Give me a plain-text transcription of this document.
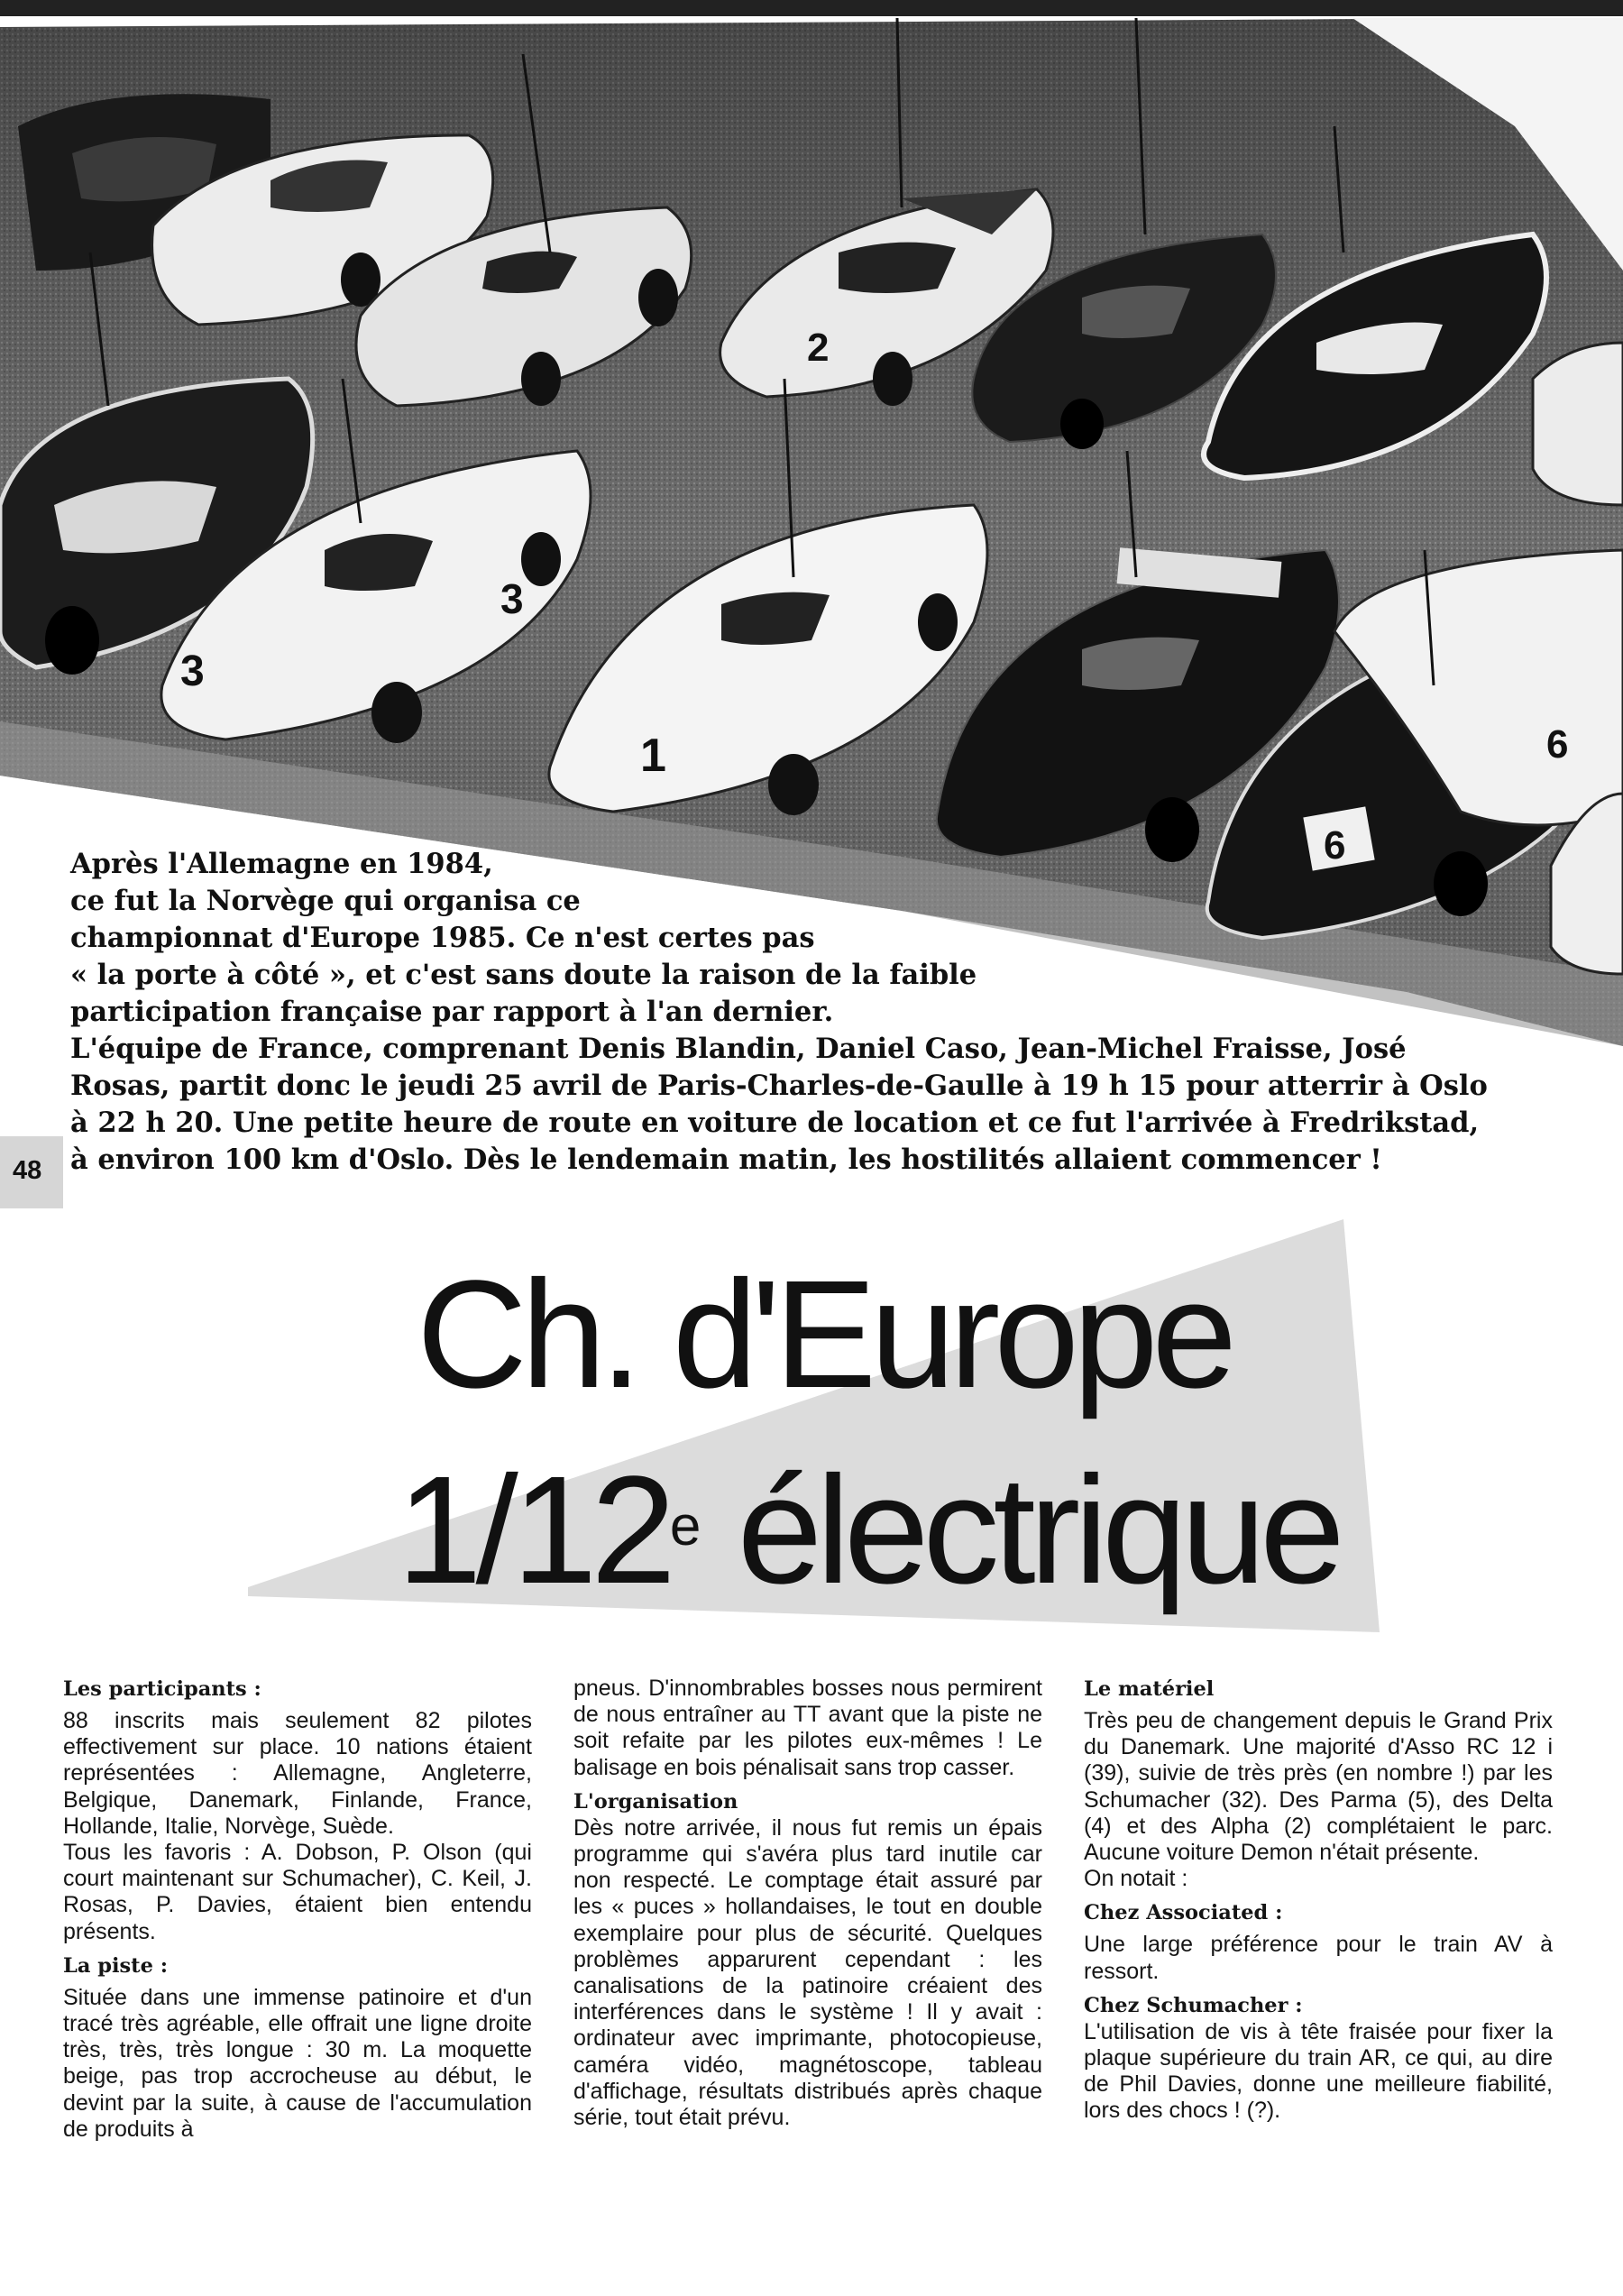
3
3
1
2
6
6

Après l'Allemagne en 1984,

ce fut la Norvège qui organisa ce

championnat d'Europe 1985. Ce n'est certes pas

« la porte à côté », et c'est sans doute la raison de la faible

participation française par rapport à l'an dernier.

L'équipe de France, comprenant Denis Blandin, Daniel Caso, Jean-Michel Fraisse, José

Rosas, partit donc le jeudi 25 avril de Paris-Charles-de-Gaulle à 19 h 15 pour atterrir à Oslo

à 22 h 20. Une petite heure de route en voiture de location et ce fut l'arrivée à Fredrikstad,

à environ 100 km d'Oslo. Dès le lendemain matin, les hostilités allaient commencer !

48
Ch. d'Europe
1/12e électrique
Les participants :

88 inscrits mais seulement 82 pilotes effectivement sur place. 10 nations étaient représentées : Allemagne, Angleterre, Belgique, Danemark, Finlande, France, Hollande, Italie, Norvège, Suède.

Tous les favoris : A. Dobson, P. Olson (qui court maintenant sur Schumacher), C. Keil, J. Rosas, P. Davies, étaient bien entendu présents.

La piste :

Située dans une immense patinoire et d'un tracé très agréable, elle offrait une ligne droite très, très, très longue : 30 m. La moquette beige, pas trop accrocheuse au début, le devint par la suite, à cause de l'accumulation de produits à

pneus. D'innombrables bosses nous permirent de nous entraîner au TT avant que la piste ne soit refaite par les pilotes eux-mêmes ! Le balisage en bois pénalisait sans trop casser.

L'organisation

Dès notre arrivée, il nous fut remis un épais programme qui s'avéra plus tard inutile car non respecté. Le comptage était assuré par les « puces » hollandaises, le tout en double exemplaire pour plus de sécurité. Quelques problèmes apparurent cependant : les canalisations de la patinoire créaient des interférences dans le système ! Il y avait : ordinateur avec imprimante, photocopieuse, caméra vidéo, magnétoscope, tableau d'affichage, résultats distribués après chaque série, tout était prévu.

Le matériel

Très peu de changement depuis le Grand Prix du Danemark. Une majorité d'Asso RC 12 i (39), suivie de très près (en nombre !) par les Schumacher (32). Des Parma (5), des Delta (4) et des Alpha (2) complétaient le parc. Aucune voiture Demon n'était présente.

On notait :

Chez Associated :

Une large préférence pour le train AV à ressort.

Chez Schumacher :

L'utilisation de vis à tête fraisée pour fixer la plaque supérieure du train AR, ce qui, au dire de Phil Davies, donne une meilleure fiabilité, lors des chocs ! (?).
